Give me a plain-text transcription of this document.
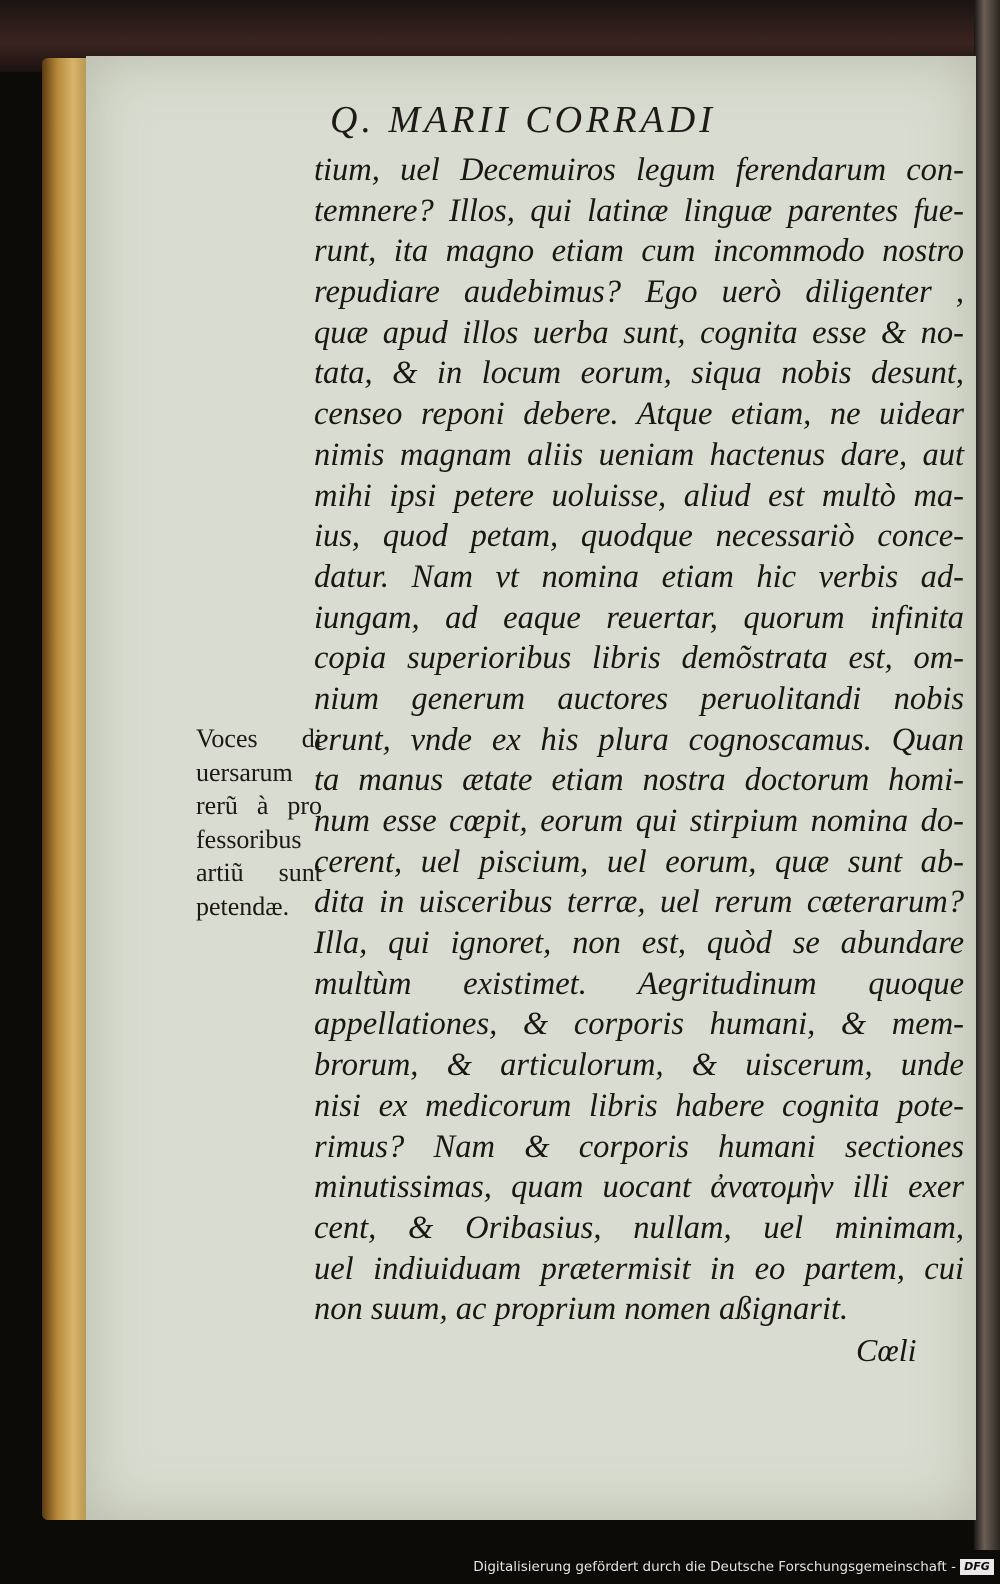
Q. MARII CORRADI
tium, uel Decemuiros legum ferendarum con-
temnere? Illos, qui latinæ linguæ parentes fue-
runt, ita magno etiam cum incommodo nostro
repudiare audebimus? Ego uerò diligenter ,
quæ apud illos uerba sunt, cognita esse & no-
tata, & in locum eorum, siqua nobis desunt,
censeo reponi debere. Atque etiam, ne uidear
nimis magnam aliis ueniam hactenus dare, aut
mihi ipsi petere uoluisse, aliud est multò ma-
ius, quod petam, quodque necessariò conce-
datur. Nam vt nomina etiam hic verbis ad-
iungam, ad eaque reuertar, quorum infinita
copia superioribus libris demõstrata est, om-
nium generum auctores peruolitandi nobis
erunt, vnde ex his plura cognoscamus. Quan
ta manus ætate etiam nostra doctorum homi-
num esse cœpit, eorum qui stirpium nomina do-
cerent, uel piscium, uel eorum, quæ sunt ab-
dita in uisceribus terræ, uel rerum cæterarum?
Illa, qui ignoret, non est, quòd se abundare
multùm existimet. Aegritudinum quoque
appellationes, & corporis humani, & mem-
brorum, & articulorum, & uiscerum, unde
nisi ex medicorum libris habere cognita pote-
rimus? Nam & corporis humani sectiones
minutissimas, quam uocant ἀνατομὴν illi exer
cent, & Oribasius, nullam, uel minimam,
uel indiuiduam prætermisit in eo partem, cui
non suum, ac proprium nomen aßignarit.
Voces di
uersarum
rerũ à pro
fessoribus
artiũ sunt
petendæ.
Cœli
Digitalisierung gefördert durch die Deutsche Forschungsgemeinschaft - DFG
